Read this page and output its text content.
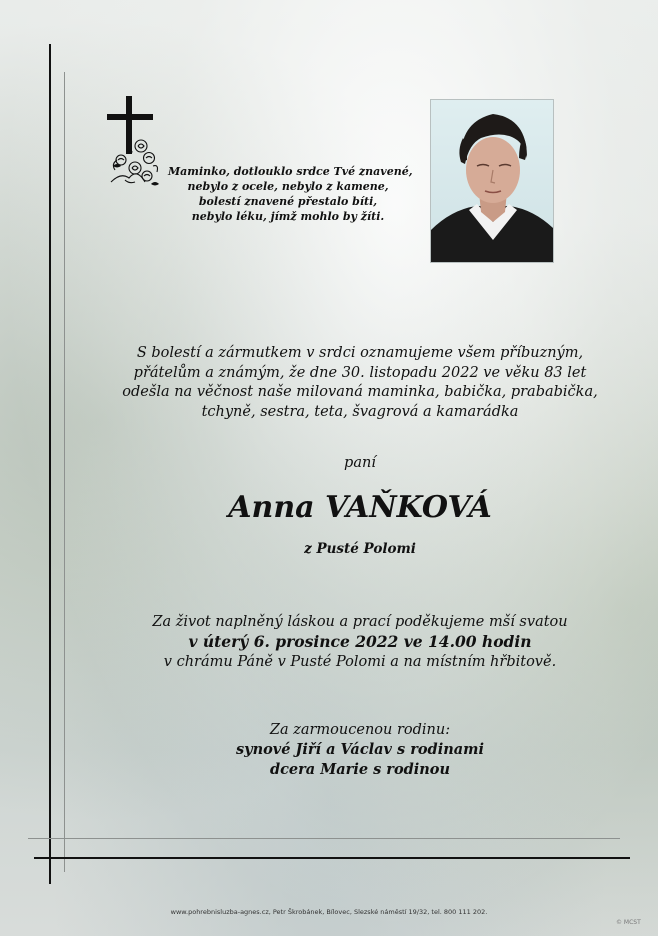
Maminko, dotlouklo srdce Tvé znavené,
nebylo z ocele, nebylo z kamene,
bolestí znavené přestalo bíti,
nebylo léku, jímž mohlo by žíti.
S bolestí a zármutkem v srdci oznamujeme všem příbuzným,
přátelům a známým, že dne 30. listopadu 2022 ve věku 83 let
odešla na věčnost naše milovaná maminka, babička, prababička,
tchyně, sestra, teta, švagrová a kamarádka
paní
Anna VAŇKOVÁ
z Pusté Polomi
Za život naplněný láskou a prací poděkujeme mší svatou
v úterý 6. prosince 2022 ve 14.00 hodin
v chrámu Páně v Pusté Polomi a na místním hřbitově.
Za zarmoucenou rodinu:
synové Jiří a Václav s rodinami
dcera Marie s rodinou
www.pohrebnisluzba-agnes.cz, Petr Škrobánek, Bílovec, Slezské náměstí 19/32, tel. 800 111 202.
© MCST
